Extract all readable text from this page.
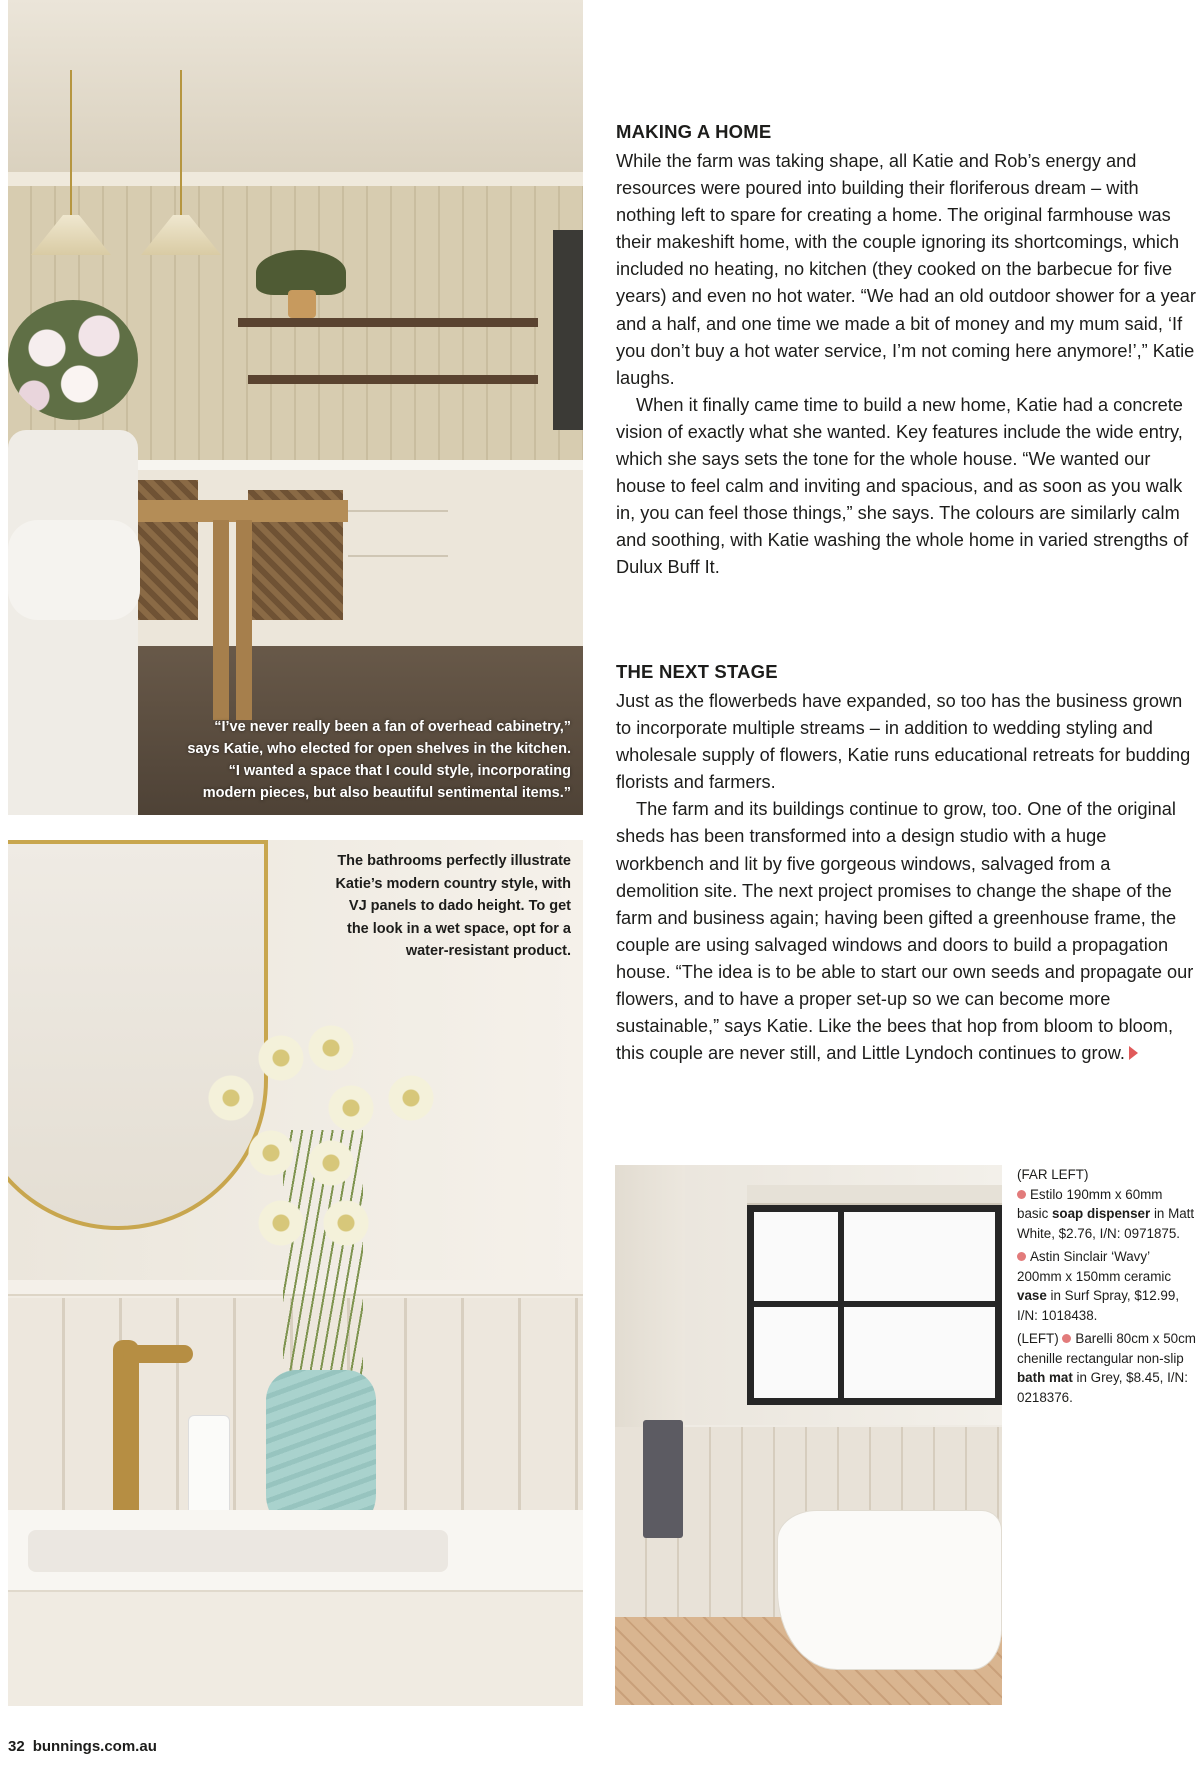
“I’ve never really been a fan of overhead cabinetry,”
says Katie, who elected for open shelves in the kitchen.
“I wanted a space that I could style, incorporating
modern pieces, but also beautiful sentimental items.”
The bathrooms perfectly illustrate
Katie’s modern country style, with
VJ panels to dado height. To get
the look in a wet space, opt for a
water-resistant product.
MAKING A HOME

While the farm was taking shape, all Katie and Rob’s energy and resources were poured into building their floriferous dream – with nothing left to spare for creating a home. The original farmhouse was their makeshift home, with the couple ignoring its shortcomings, which included no heating, no kitchen (they cooked on the barbecue for five years) and even no hot water. “We had an old outdoor shower for a year and a half, and one time we made a bit of money and my mum said, ‘If you don’t buy a hot water service, I’m not coming here anymore!’,” Katie laughs.

When it finally came time to build a new home, Katie had a concrete vision of exactly what she wanted. Key features include the wide entry, which she says sets the tone for the whole house. “We wanted our house to feel calm and inviting and spacious, and as soon as you walk in, you can feel those things,” she says. The colours are similarly calm and soothing, with Katie washing the whole home in varied strengths of Dulux Buff It.

THE NEXT STAGE

Just as the flowerbeds have expanded, so too has the business grown to incorporate multiple streams – in addition to wedding styling and wholesale supply of flowers, Katie runs educational retreats for budding florists and farmers.

The farm and its buildings continue to grow, too. One of the original sheds has been transformed into a design studio with a huge workbench and lit by five gorgeous windows, salvaged from a demolition site. The next project promises to change the shape of the farm and business again; having been gifted a greenhouse frame, the couple are using salvaged windows and doors to build a propagation house. “The idea is to be able to start our own seeds and propagate our flowers, and to have a proper set-up so we can become more sustainable,” says Katie. Like the bees that hop from bloom to bloom, this couple are never still, and Little Lyndoch continues to grow.

(FAR LEFT)
Estilo 190mm x 60mm basic soap dispenser in Matt White, $2.76, I/N: 0971875.
Astin Sinclair ‘Wavy’ 200mm x 150mm ceramic vase in Surf Spray, $12.99, I/N: 1018438.
(LEFT) Barelli 80cm x 50cm chenille rectangular non-slip bath mat in Grey, $8.45, I/N: 0218376.
32 bunnings.com.au
